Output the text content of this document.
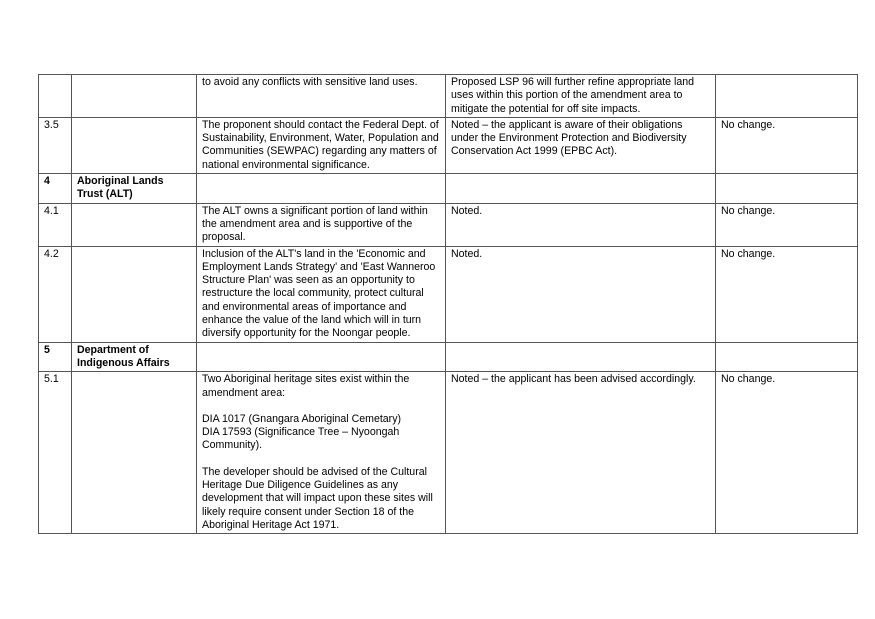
		to avoid any conflicts with sensitive land uses.	Proposed LSP 96 will further refine appropriate land uses within this portion of the amendment area to mitigate the potential for off site impacts.	
3.5		The proponent should contact the Federal Dept. of Sustainability, Environment, Water, Population and Communities (SEWPAC) regarding any matters of national environmental significance.	Noted – the applicant is aware of their obligations under the Environment Protection and Biodiversity Conservation Act 1999 (EPBC Act).	No change.
4	Aboriginal Lands Trust (ALT)	

4.1		The ALT owns a significant portion of land within the amendment area and is supportive of the proposal.	Noted.	No change.
4.2		Inclusion of the ALT's land in the 'Economic and Employment Lands Strategy' and 'East Wanneroo Structure Plan' was seen as an opportunity to restructure the local community, protect cultural and environmental areas of importance and enhance the value of the land which will in turn diversify opportunity for the Noongar people.	Noted.	No change.
5	Department of Indigenous Affairs	

5.1		Two Aboriginal heritage sites exist within the amendment area:
DIA 1017 (Gnangara Aboriginal Cemetary)
DIA 17593 (Significance Tree – Nyoongah Community).
The developer should be advised of the Cultural Heritage Due Diligence Guidelines as any development that will impact upon these sites will likely require consent under Section 18 of the Aboriginal Heritage Act 1971.	Noted – the applicant has been advised accordingly.	No change.
